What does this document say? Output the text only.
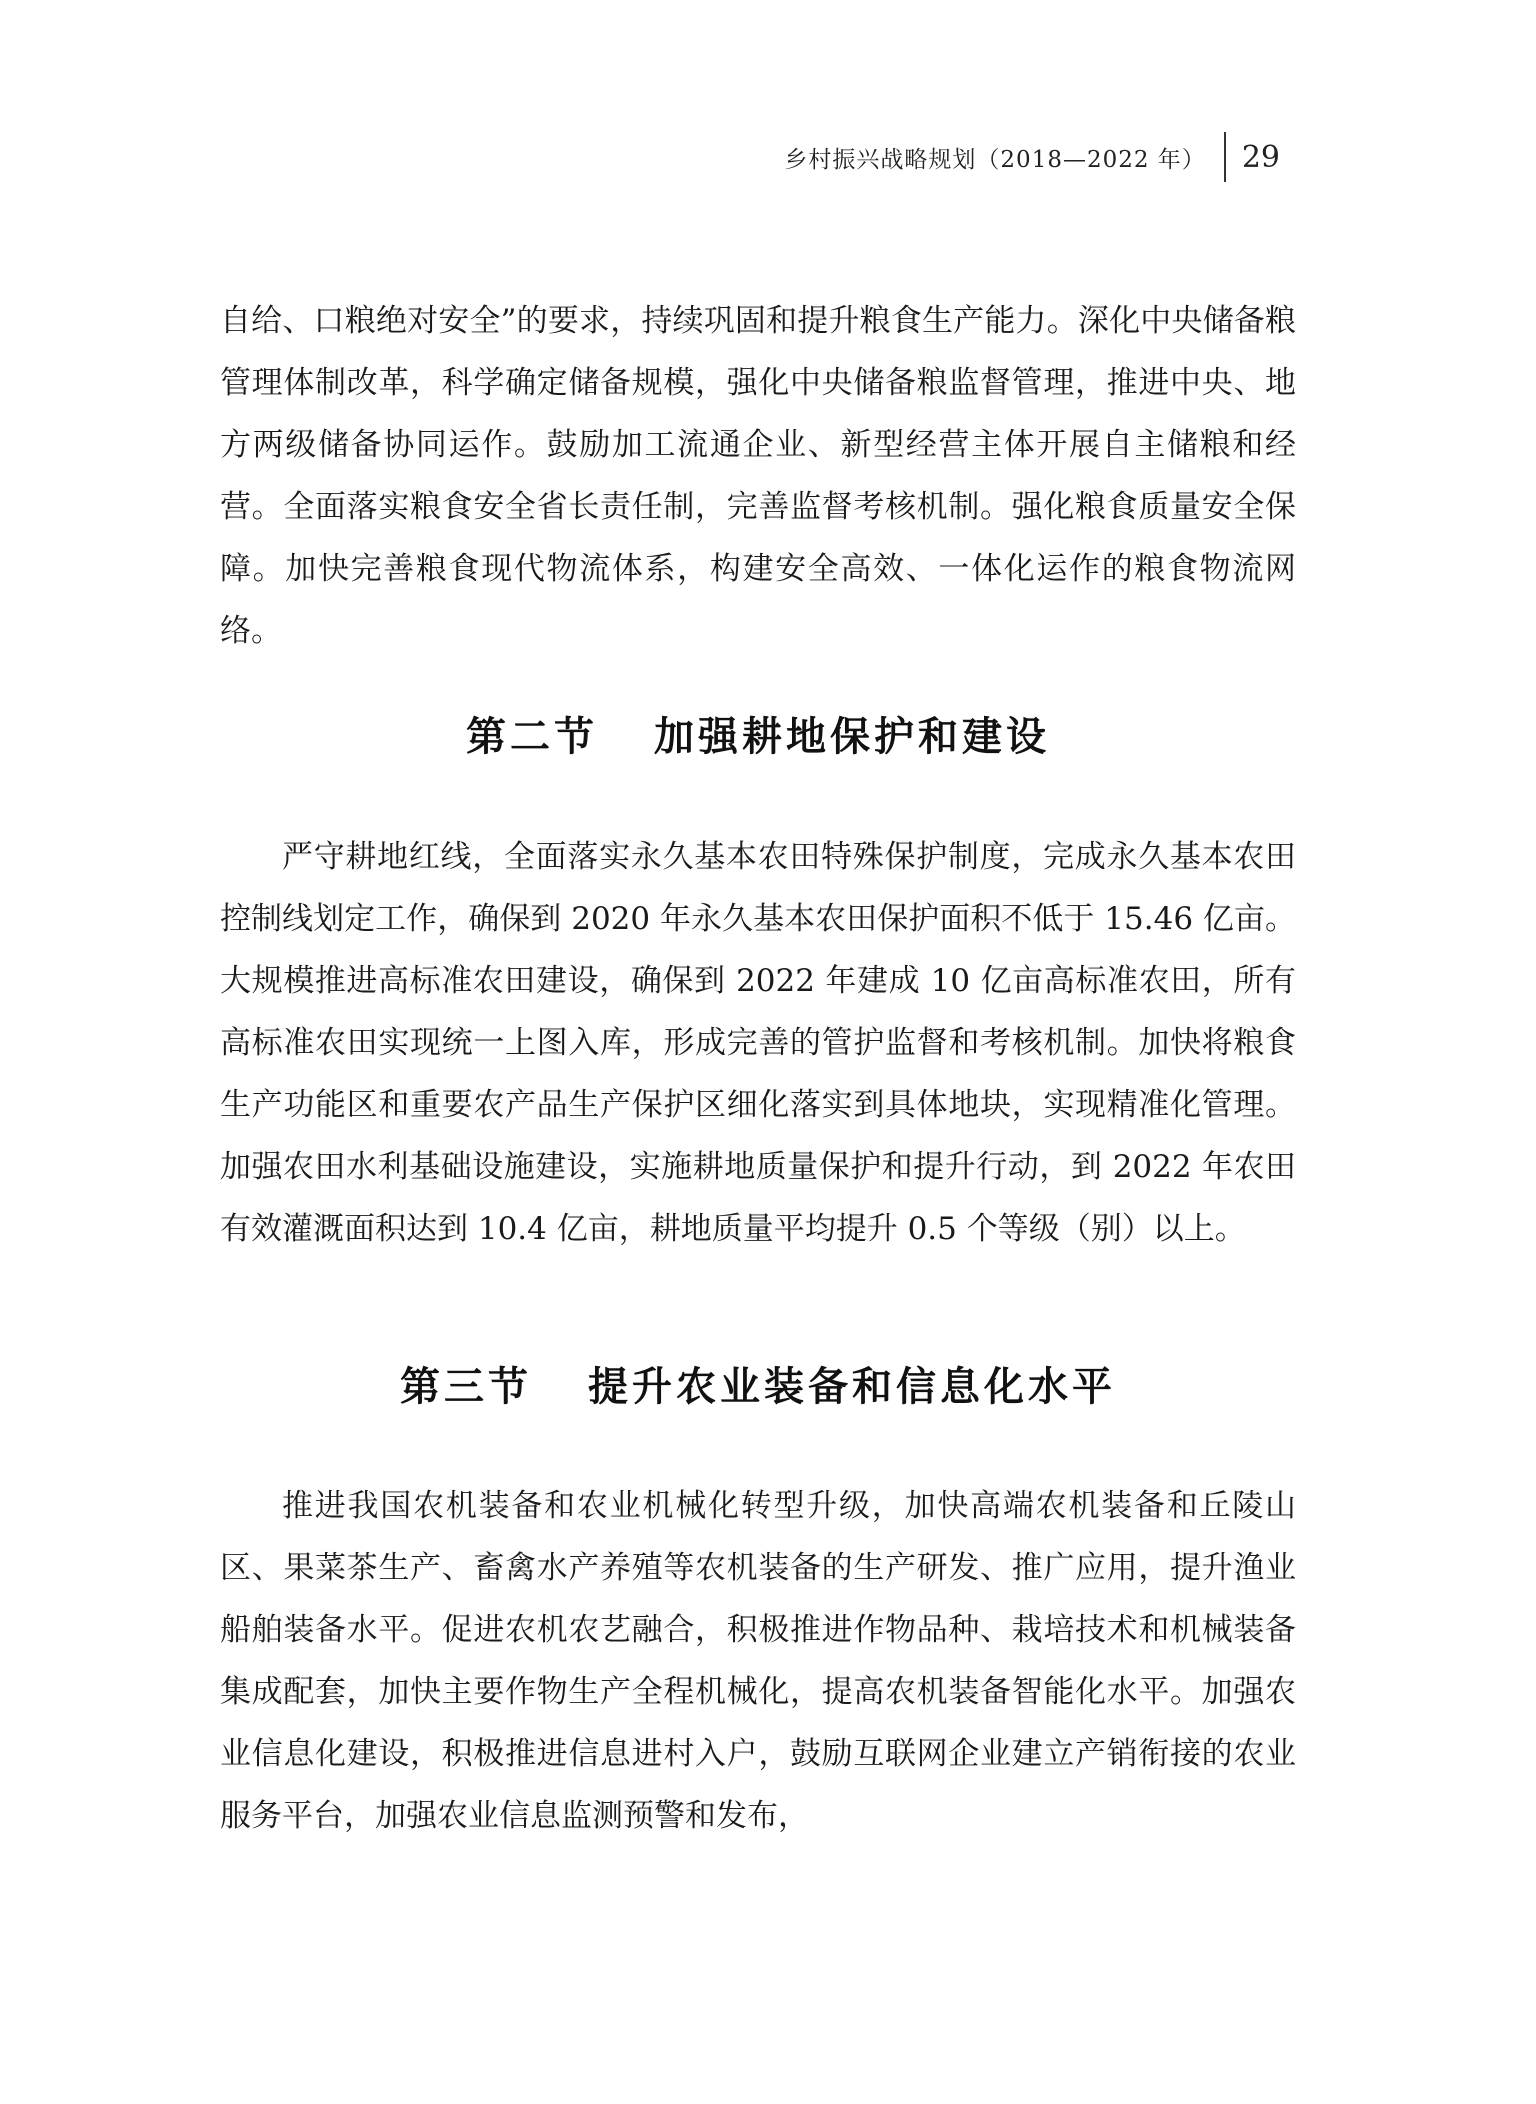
乡村振兴战略规划（2018—2022 年）	29

自给、口粮绝对安全”的要求，持续巩固和提升粮食生产能力。深化中央储备粮管理体制改革，科学确定储备规模，强化中央储备粮监督管理，推进中央、地方两级储备协同运作。鼓励加工流通企业、新型经营主体开展自主储粮和经营。全面落实粮食安全省长责任制，完善监督考核机制。强化粮食质量安全保障。加快完善粮食现代物流体系，构建安全高效、一体化运作的粮食物流网络。

第二节 加强耕地保护和建设

严守耕地红线，全面落实永久基本农田特殊保护制度，完成永久基本农田控制线划定工作，确保到 2020 年永久基本农田保护面积不低于 15.46 亿亩。大规模推进高标准农田建设，确保到 2022 年建成 10 亿亩高标准农田，所有高标准农田实现统一上图入库，形成完善的管护监督和考核机制。加快将粮食生产功能区和重要农产品生产保护区细化落实到具体地块，实现精准化管理。加强农田水利基础设施建设，实施耕地质量保护和提升行动，到 2022 年农田有效灌溉面积达到 10.4 亿亩，耕地质量平均提升 0.5 个等级（别）以上。

第三节 提升农业装备和信息化水平

推进我国农机装备和农业机械化转型升级，加快高端农机装备和丘陵山区、果菜茶生产、畜禽水产养殖等农机装备的生产研发、推广应用，提升渔业船舶装备水平。促进农机农艺融合，积极推进作物品种、栽培技术和机械装备集成配套，加快主要作物生产全程机械化，提高农机装备智能化水平。加强农业信息化建设，积极推进信息进村入户，鼓励互联网企业建立产销衔接的农业服务平台，加强农业信息监测预警和发布，
